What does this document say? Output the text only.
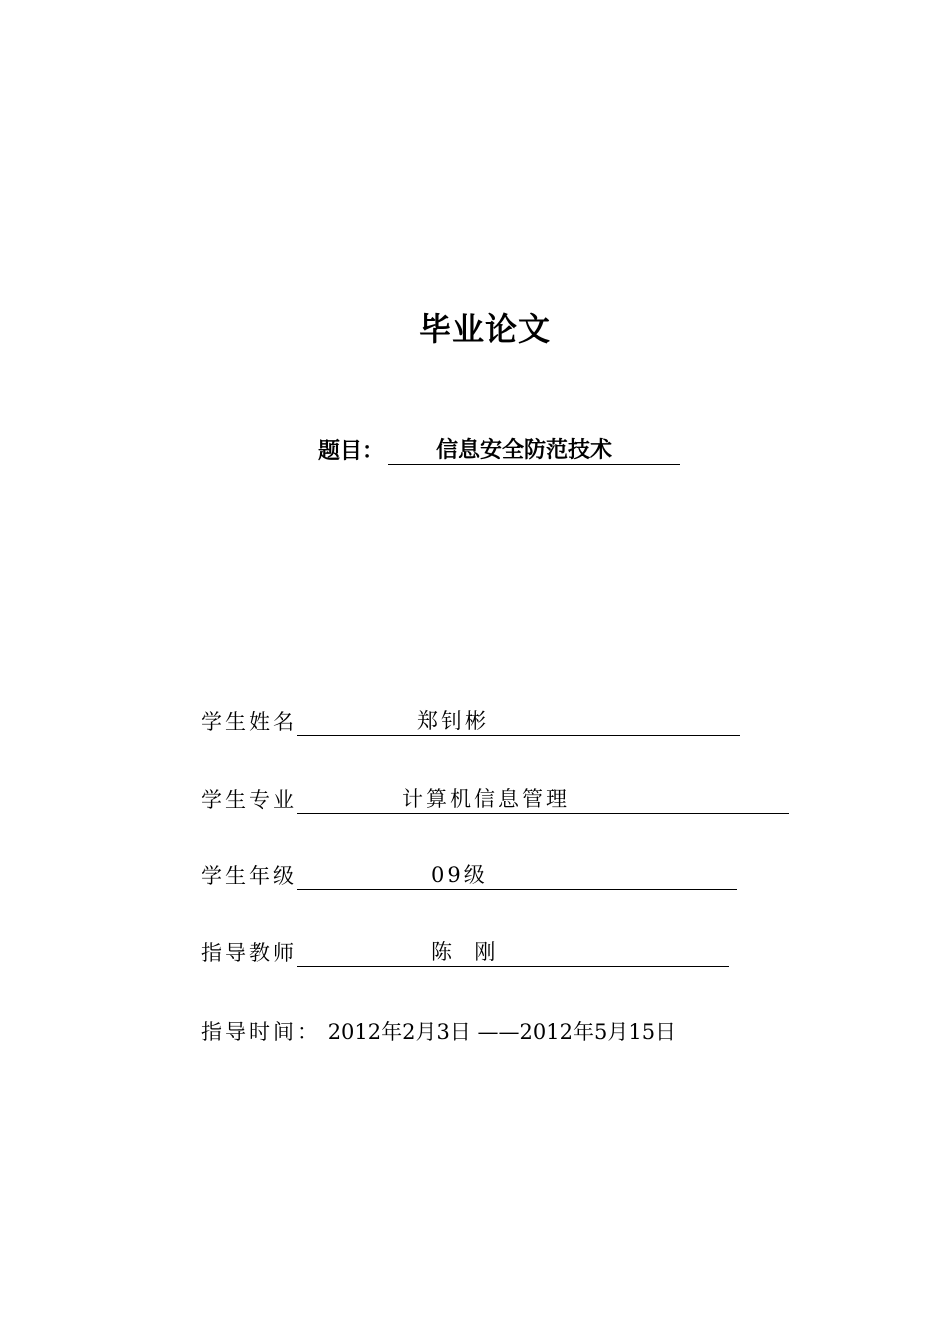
毕业论文
题目： 信息安全防范技术
学生姓名	郑钊彬
学生专业	计算机信息管理
学生年级	09级
指导教师	陈  刚
指导时间： 2012年2月3日 ——2012年5月15日
